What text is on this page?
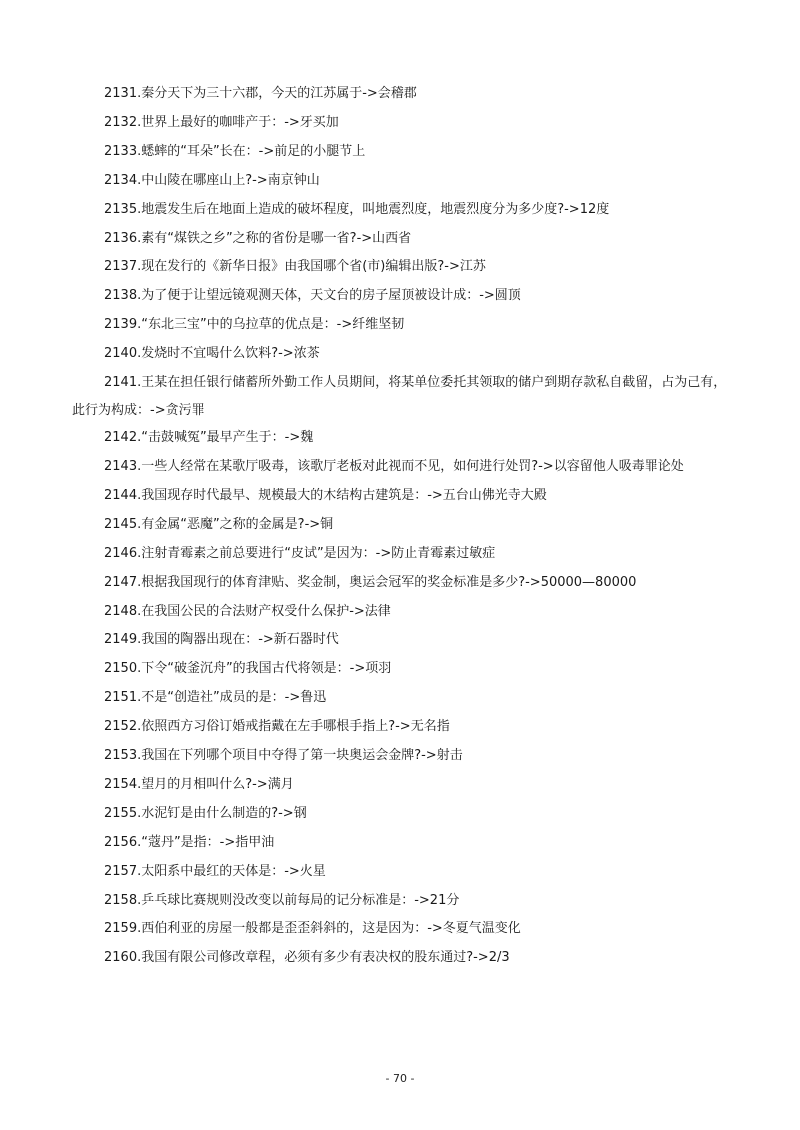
2131.秦分天下为三十六郡，今天的江苏属于->会稽郡
2132.世界上最好的咖啡产于：->牙买加
2133.蟋蟀的“耳朵”长在：->前足的小腿节上
2134.中山陵在哪座山上?->南京钟山
2135.地震发生后在地面上造成的破坏程度，叫地震烈度，地震烈度分为多少度?->12度
2136.素有“煤铁之乡”之称的省份是哪一省?->山西省
2137.现在发行的《新华日报》由我国哪个省(市)编辑出版?->江苏
2138.为了便于让望远镜观测天体，天文台的房子屋顶被设计成：->圆顶
2139.“东北三宝”中的乌拉草的优点是：->纤维坚韧
2140.发烧时不宜喝什么饮料?->浓茶
2141.王某在担任银行储蓄所外勤工作人员期间，将某单位委托其领取的储户到期存款私自截留，占为己有，此行为构成：->贪污罪
2142.“击鼓喊冤”最早产生于：->魏
2143.一些人经常在某歌厅吸毒，该歌厅老板对此视而不见，如何进行处罚?->以容留他人吸毒罪论处
2144.我国现存时代最早、规模最大的木结构古建筑是：->五台山佛光寺大殿
2145.有金属“恶魔”之称的金属是?->铜
2146.注射青霉素之前总要进行“皮试”是因为：->防止青霉素过敏症
2147.根据我国现行的体育津贴、奖金制，奥运会冠军的奖金标准是多少?->50000—80000
2148.在我国公民的合法财产权受什么保护->法律
2149.我国的陶器出现在：->新石器时代
2150.下令“破釜沉舟”的我国古代将领是：->项羽
2151.不是“创造社”成员的是：->鲁迅
2152.依照西方习俗订婚戒指戴在左手哪根手指上?->无名指
2153.我国在下列哪个项目中夺得了第一块奥运会金牌?->射击
2154.望月的月相叫什么?->满月
2155.水泥钉是由什么制造的?->钢
2156.“蔻丹”是指：->指甲油
2157.太阳系中最红的天体是：->火星
2158.乒乓球比赛规则没改变以前每局的记分标准是：->21分
2159.西伯利亚的房屋一般都是歪歪斜斜的，这是因为：->冬夏气温变化
2160.我国有限公司修改章程，必须有多少有表决权的股东通过?->2/3
- 70 -
